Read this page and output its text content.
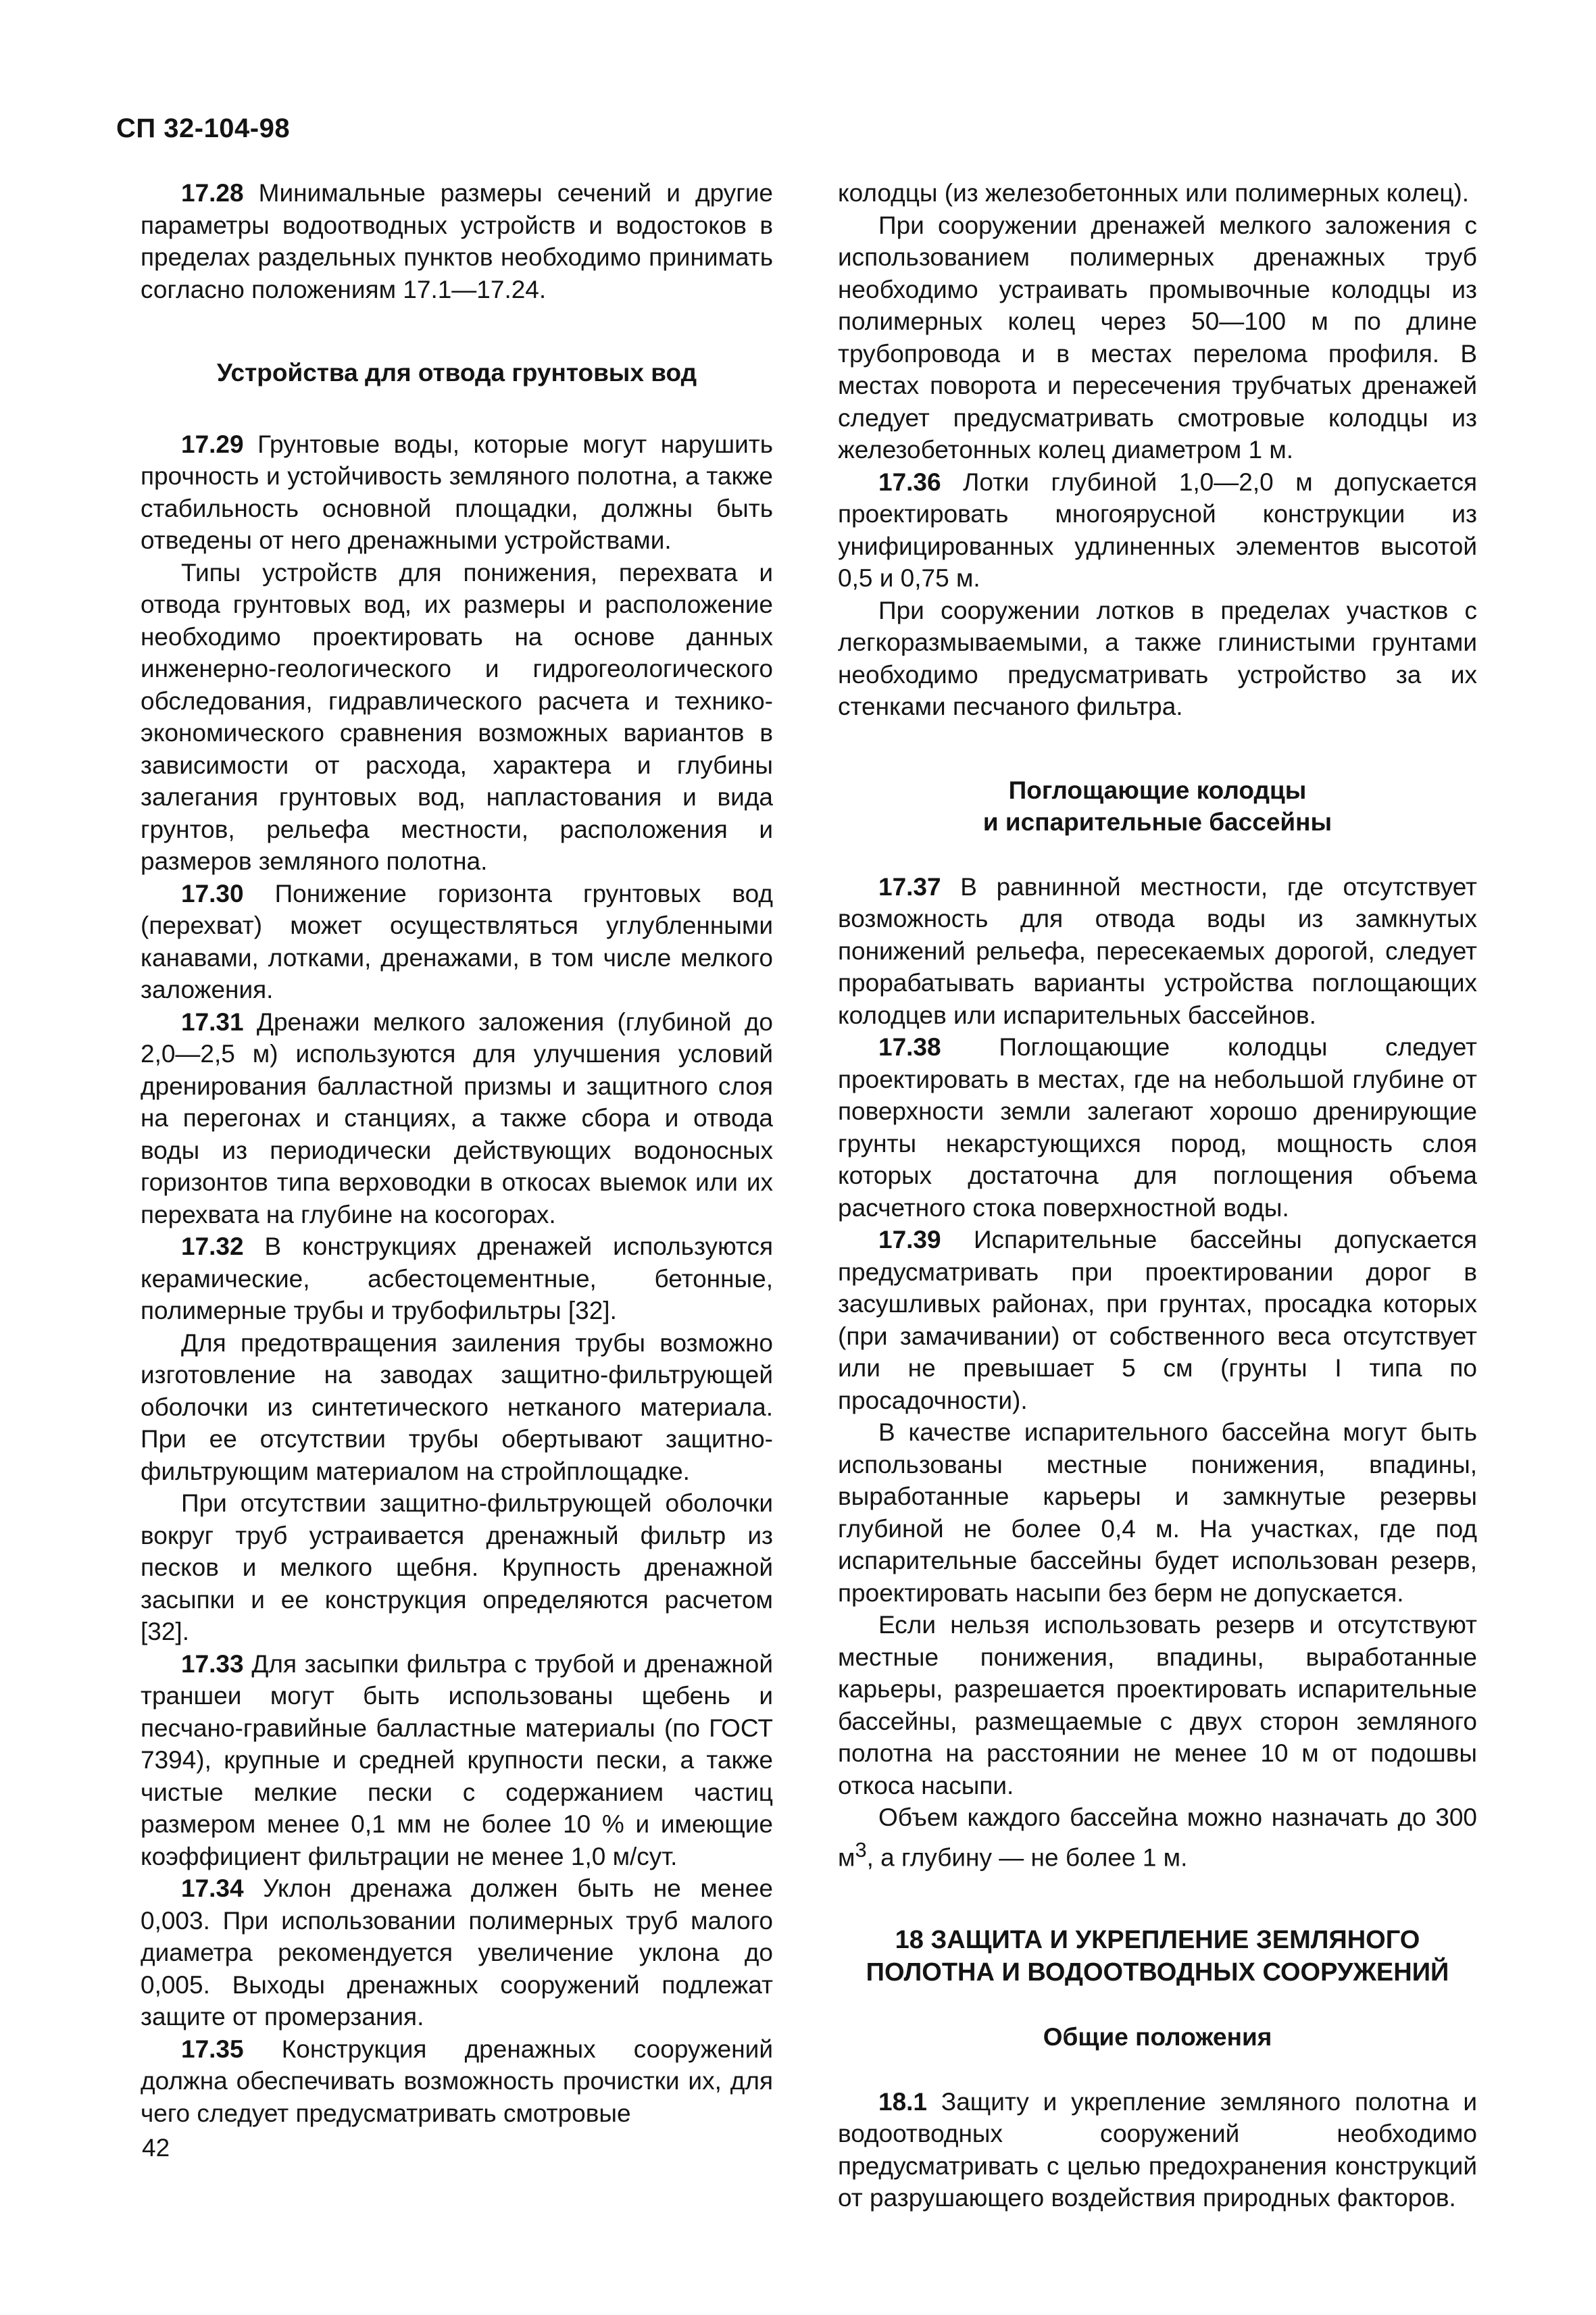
СП 32-104-98

17.28 Минимальные размеры сечений и другие параметры водоотводных устройств и водостоков в пределах раздельных пунктов необходимо принимать согласно положениям 17.1—17.24.

Устройства для отвода грунтовых вод

17.29 Грунтовые воды, которые могут нарушить прочность и устойчивость земляного полотна, а также стабильность основной площадки, должны быть отведены от него дренажными устройствами.

Типы устройств для понижения, перехвата и отвода грунтовых вод, их размеры и расположение необходимо проектировать на основе данных инженерно-геологического и гидрогеологического обследования, гидравлического расчета и технико-экономического сравнения возможных вариантов в зависимости от расхода, характера и глубины залегания грунтовых вод, напластования и вида грунтов, рельефа местности, расположения и размеров земляного полотна.

17.30 Понижение горизонта грунтовых вод (перехват) может осуществляться углубленными канавами, лотками, дренажами, в том числе мелкого заложения.

17.31 Дренажи мелкого заложения (глубиной до 2,0—2,5 м) используются для улучшения условий дренирования балластной призмы и защитного слоя на перегонах и станциях, а также сбора и отвода воды из периодически действующих водоносных горизонтов типа верховодки в откосах выемок или их перехвата на глубине на косогорах.

17.32 В конструкциях дренажей используются керамические, асбестоцементные, бетонные, полимерные трубы и трубофильтры [32].

Для предотвращения заиления трубы возможно изготовление на заводах защитно-фильтрующей оболочки из синтетического нетканого материала. При ее отсутствии трубы обертывают защитно-фильтрующим материалом на стройплощадке.

При отсутствии защитно-фильтрующей оболочки вокруг труб устраивается дренажный фильтр из песков и мелкого щебня. Крупность дренажной засыпки и ее конструкция определяются расчетом [32].

17.33 Для засыпки фильтра с трубой и дренажной траншеи могут быть использованы щебень и песчано-гравийные балластные материалы (по ГОСТ 7394), крупные и средней крупности пески, а также чистые мелкие пески с содержанием частиц размером менее 0,1 мм не более 10 % и имеющие коэффициент фильтрации не менее 1,0 м/сут.

17.34 Уклон дренажа должен быть не менее 0,003. При использовании полимерных труб малого диаметра рекомендуется увеличение уклона до 0,005. Выходы дренажных сооружений подлежат защите от промерзания.

17.35 Конструкция дренажных сооружений должна обеспечивать возможность прочистки их, для чего следует предусматривать смотровые

колодцы (из железобетонных или полимерных колец).

При сооружении дренажей мелкого заложения с использованием полимерных дренажных труб необходимо устраивать промывочные колодцы из полимерных колец через 50—100 м по длине трубопровода и в местах перелома профиля. В местах поворота и пересечения трубчатых дренажей следует предусматривать смотровые колодцы из железобетонных колец диаметром 1 м.

17.36 Лотки глубиной 1,0—2,0 м допускается проектировать многоярусной конструкции из унифицированных удлиненных элементов высотой 0,5 и 0,75 м.

При сооружении лотков в пределах участков с легкоразмываемыми, а также глинистыми грунтами необходимо предусматривать устройство за их стенками песчаного фильтра.

Поглощающие колодцы
и испарительные бассейны

17.37 В равнинной местности, где отсутствует возможность для отвода воды из замкнутых понижений рельефа, пересекаемых дорогой, следует прорабатывать варианты устройства поглощающих колодцев или испарительных бассейнов.

17.38 Поглощающие колодцы следует проектировать в местах, где на небольшой глубине от поверхности земли залегают хорошо дренирующие грунты некарстующихся пород, мощность слоя которых достаточна для поглощения объема расчетного стока поверхностной воды.

17.39 Испарительные бассейны допускается предусматривать при проектировании дорог в засушливых районах, при грунтах, просадка которых (при замачивании) от собственного веса отсутствует или не превышает 5 см (грунты I типа по просадочности).

В качестве испарительного бассейна могут быть использованы местные понижения, впадины, выработанные карьеры и замкнутые резервы глубиной не более 0,4 м. На участках, где под испарительные бассейны будет использован резерв, проектировать насыпи без берм не допускается.

Если нельзя использовать резерв и отсутствуют местные понижения, впадины, выработанные карьеры, разрешается проектировать испарительные бассейны, размещаемые с двух сторон земляного полотна на расстоянии не менее 10 м от подошвы откоса насыпи.

Объем каждого бассейна можно назначать до 300 $м^3$, а глубину — не более 1 м.

18 ЗАЩИТА И УКРЕПЛЕНИЕ ЗЕМЛЯНОГО
ПОЛОТНА И ВОДООТВОДНЫХ СООРУЖЕНИЙ
Общие положения

18.1 Защиту и укрепление земляного полотна и водоотводных сооружений необходимо предусматривать с целью предохранения конструкций от разрушающего воздействия природных факторов.

42
